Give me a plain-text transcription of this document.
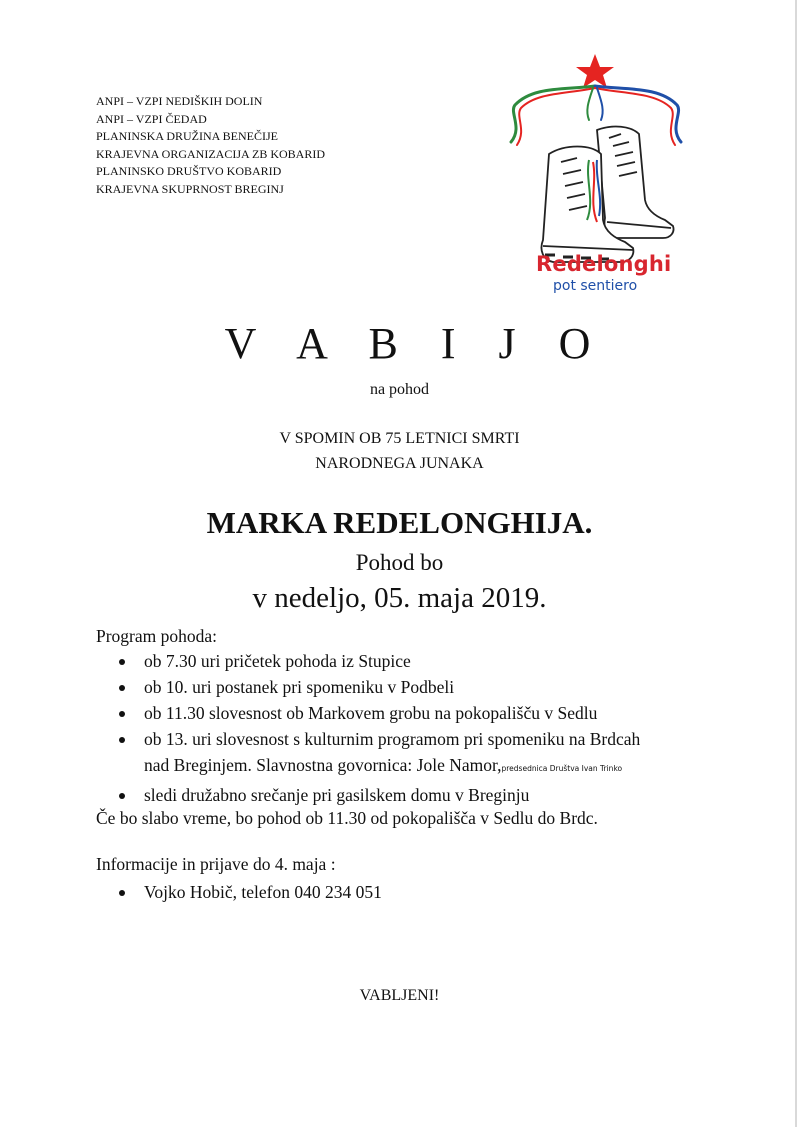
ANPI – VZPI NEDIŠKIH DOLIN
ANPI – VZPI ČEDAD
PLANINSKA DRUŽINA BENEČIJE
KRAJEVNA ORGANIZACIJA ZB KOBARID
PLANINSKO DRUŠTVO KOBARID
KRAJEVNA SKUPRNOST BREGINJ
Redelonghi
pot sentiero
V A B I J O
na pohod
V SPOMIN OB 75 LETNICI SMRTI
NARODNEGA JUNAKA
MARKA REDELONGHIJA.
Pohod bo
v nedeljo, 05. maja 2019.
Program pohoda:
ob 7.30 uri pričetek pohoda iz Stupice
ob 10. uri postanek pri spomeniku v Podbeli
ob 11.30 slovesnost ob Markovem grobu na pokopališču v Sedlu
ob 13. uri slovesnost s kulturnim programom pri spomeniku na Brdcah
nad Breginjem. Slavnostna govornica: Jole Namor,predsednica Društva Ivan Trinko
sledi družabno srečanje pri gasilskem domu v Breginju
Če bo slabo vreme, bo pohod ob 11.30 od pokopališča v Sedlu do Brdc.
Informacije in prijave do 4. maja :
Vojko Hobič, telefon 040 234 051
VABLJENI!
